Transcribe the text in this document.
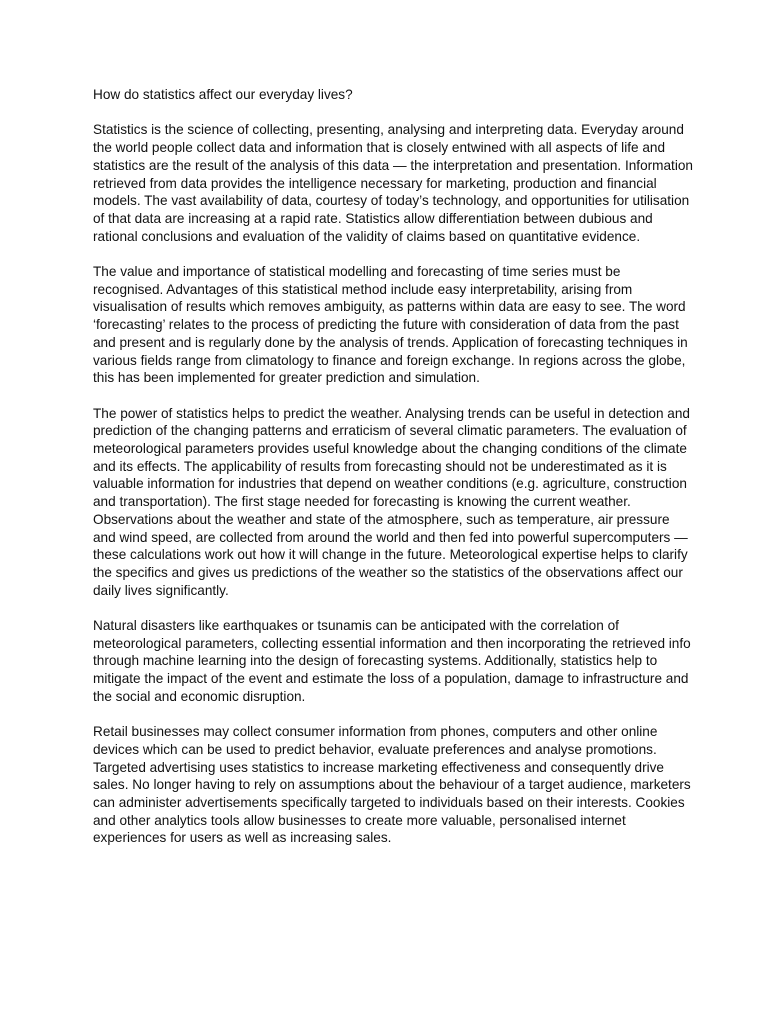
How do statistics affect our everyday lives?

Statistics is the science of collecting, presenting, analysing and interpreting data. Everyday around the world people collect data and information that is closely entwined with all aspects of life and statistics are the result of the analysis of this data — the interpretation and presentation. Information retrieved from data provides the intelligence necessary for marketing, production and financial models. The vast availability of data, courtesy of today’s technology, and opportunities for utilisation of that data are increasing at a rapid rate. Statistics allow differentiation between dubious and rational conclusions and evaluation of the validity of claims based on quantitative evidence.

The value and importance of statistical modelling and forecasting of time series must be recognised. Advantages of this statistical method include easy interpretability, arising from visualisation of results which removes ambiguity, as patterns within data are easy to see. The word ‘forecasting’ relates to the process of predicting the future with consideration of data from the past and present and is regularly done by the analysis of trends. Application of forecasting techniques in various fields range from climatology to finance and foreign exchange. In regions across the globe, this has been implemented for greater prediction and simulation.

The power of statistics helps to predict the weather. Analysing trends can be useful in detection and prediction of the changing patterns and erraticism of several climatic parameters. The evaluation of meteorological parameters provides useful knowledge about the changing conditions of the climate and its effects. The applicability of results from forecasting should not be underestimated as it is valuable information for industries that depend on weather conditions (e.g. agriculture, construction and transportation). The first stage needed for forecasting is knowing the current weather. Observations about the weather and state of the atmosphere, such as temperature, air pressure and wind speed, are collected from around the world and then fed into powerful supercomputers — these calculations work out how it will change in the future. Meteorological expertise helps to clarify the specifics and gives us predictions of the weather so the statistics of the observations affect our daily lives significantly.

Natural disasters like earthquakes or tsunamis can be anticipated with the correlation of meteorological parameters, collecting essential information and then incorporating the retrieved info through machine learning into the design of forecasting systems. Additionally, statistics help to mitigate the impact of the event and estimate the loss of a population, damage to infrastructure and the social and economic disruption.

Retail businesses may collect consumer information from phones, computers and other online devices which can be used to predict behavior, evaluate preferences and analyse promotions. Targeted advertising uses statistics to increase marketing effectiveness and consequently drive sales. No longer having to rely on assumptions about the behaviour of a target audience, marketers can administer advertisements specifically targeted to individuals based on their interests. Cookies and other analytics tools allow businesses to create more valuable, personalised internet experiences for users as well as increasing sales.
